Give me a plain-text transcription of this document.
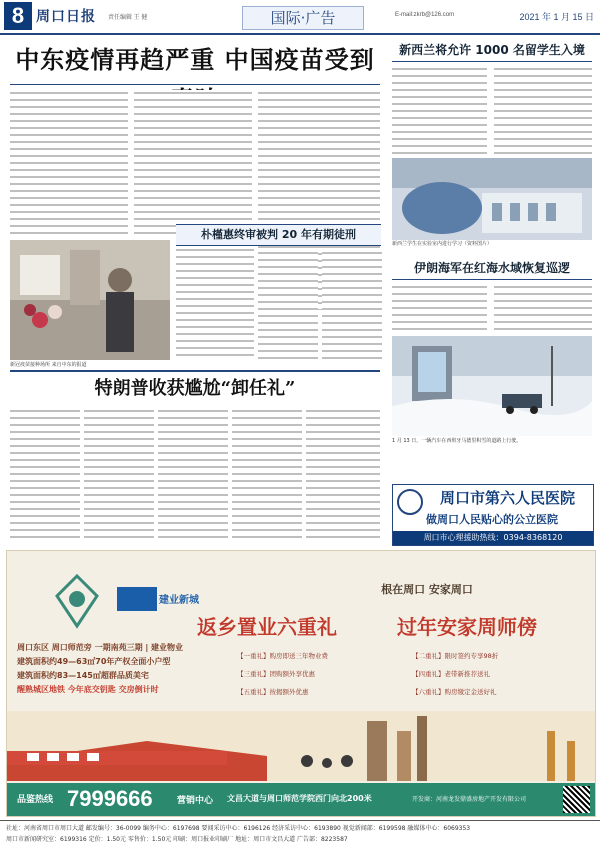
8 周口日报 责任编辑 王 健	国际·广告	E-mail:zkrb@126.com	2021 年 1 月 15 日
中东疫情再趋严重 中国疫苗受到
新冠疫苗接种场所 来自中东的报道
朴槿惠终审被判 20 年有期徒刑
新西兰将允许 1000 名留学生入境
新西兰学生在实验室内进行学习（资料图片）
伊朗海军在红海水域恢复巡逻
1 月 13 日，一辆汽车在西班牙马德里积雪的道路上行驶。
周口市第六人民医院
做周口人民贴心的公立医院
周口市心理援助热线：0394-8368120
特朗普收获尴尬“卸任礼”
建业新城
周口东区 周口师范旁 一期南苑三期 | 建业物业
建筑面积约49—63㎡70年产权全面小户型
建筑面积约83—145㎡超群品质美宅
醒熟城区地铁 今年底交钥匙 交房倒计时
根在周口 安家周口
返乡置业六重礼	过年安家周师傍
【一重礼】购房即送三年物业费	【二重礼】限时签约专享98折
【三重礼】团购额外享优惠	【四重礼】老带新推荐送礼
【五重礼】按揭额外优惠	【六重礼】购房缴定金送好礼
品鉴热线 7999666	营销中心 文昌大道与周口师范学院西门向北200米	开发商：河南龙发鼎盛房地产开发有限公司
社址：河南省周口市周口大道 邮发编号：36-0099 编务中心：6197698 要闻采访中心：6196126 经济采访中心：6193890 视觉新闻部：6199598 融媒体中心：6069353
周口市新闻研究室：6199316 定价：1.50元 零售价：1.50元 印刷：周口报业印刷厂 地址：周口市文昌大道 广告部：8223587
